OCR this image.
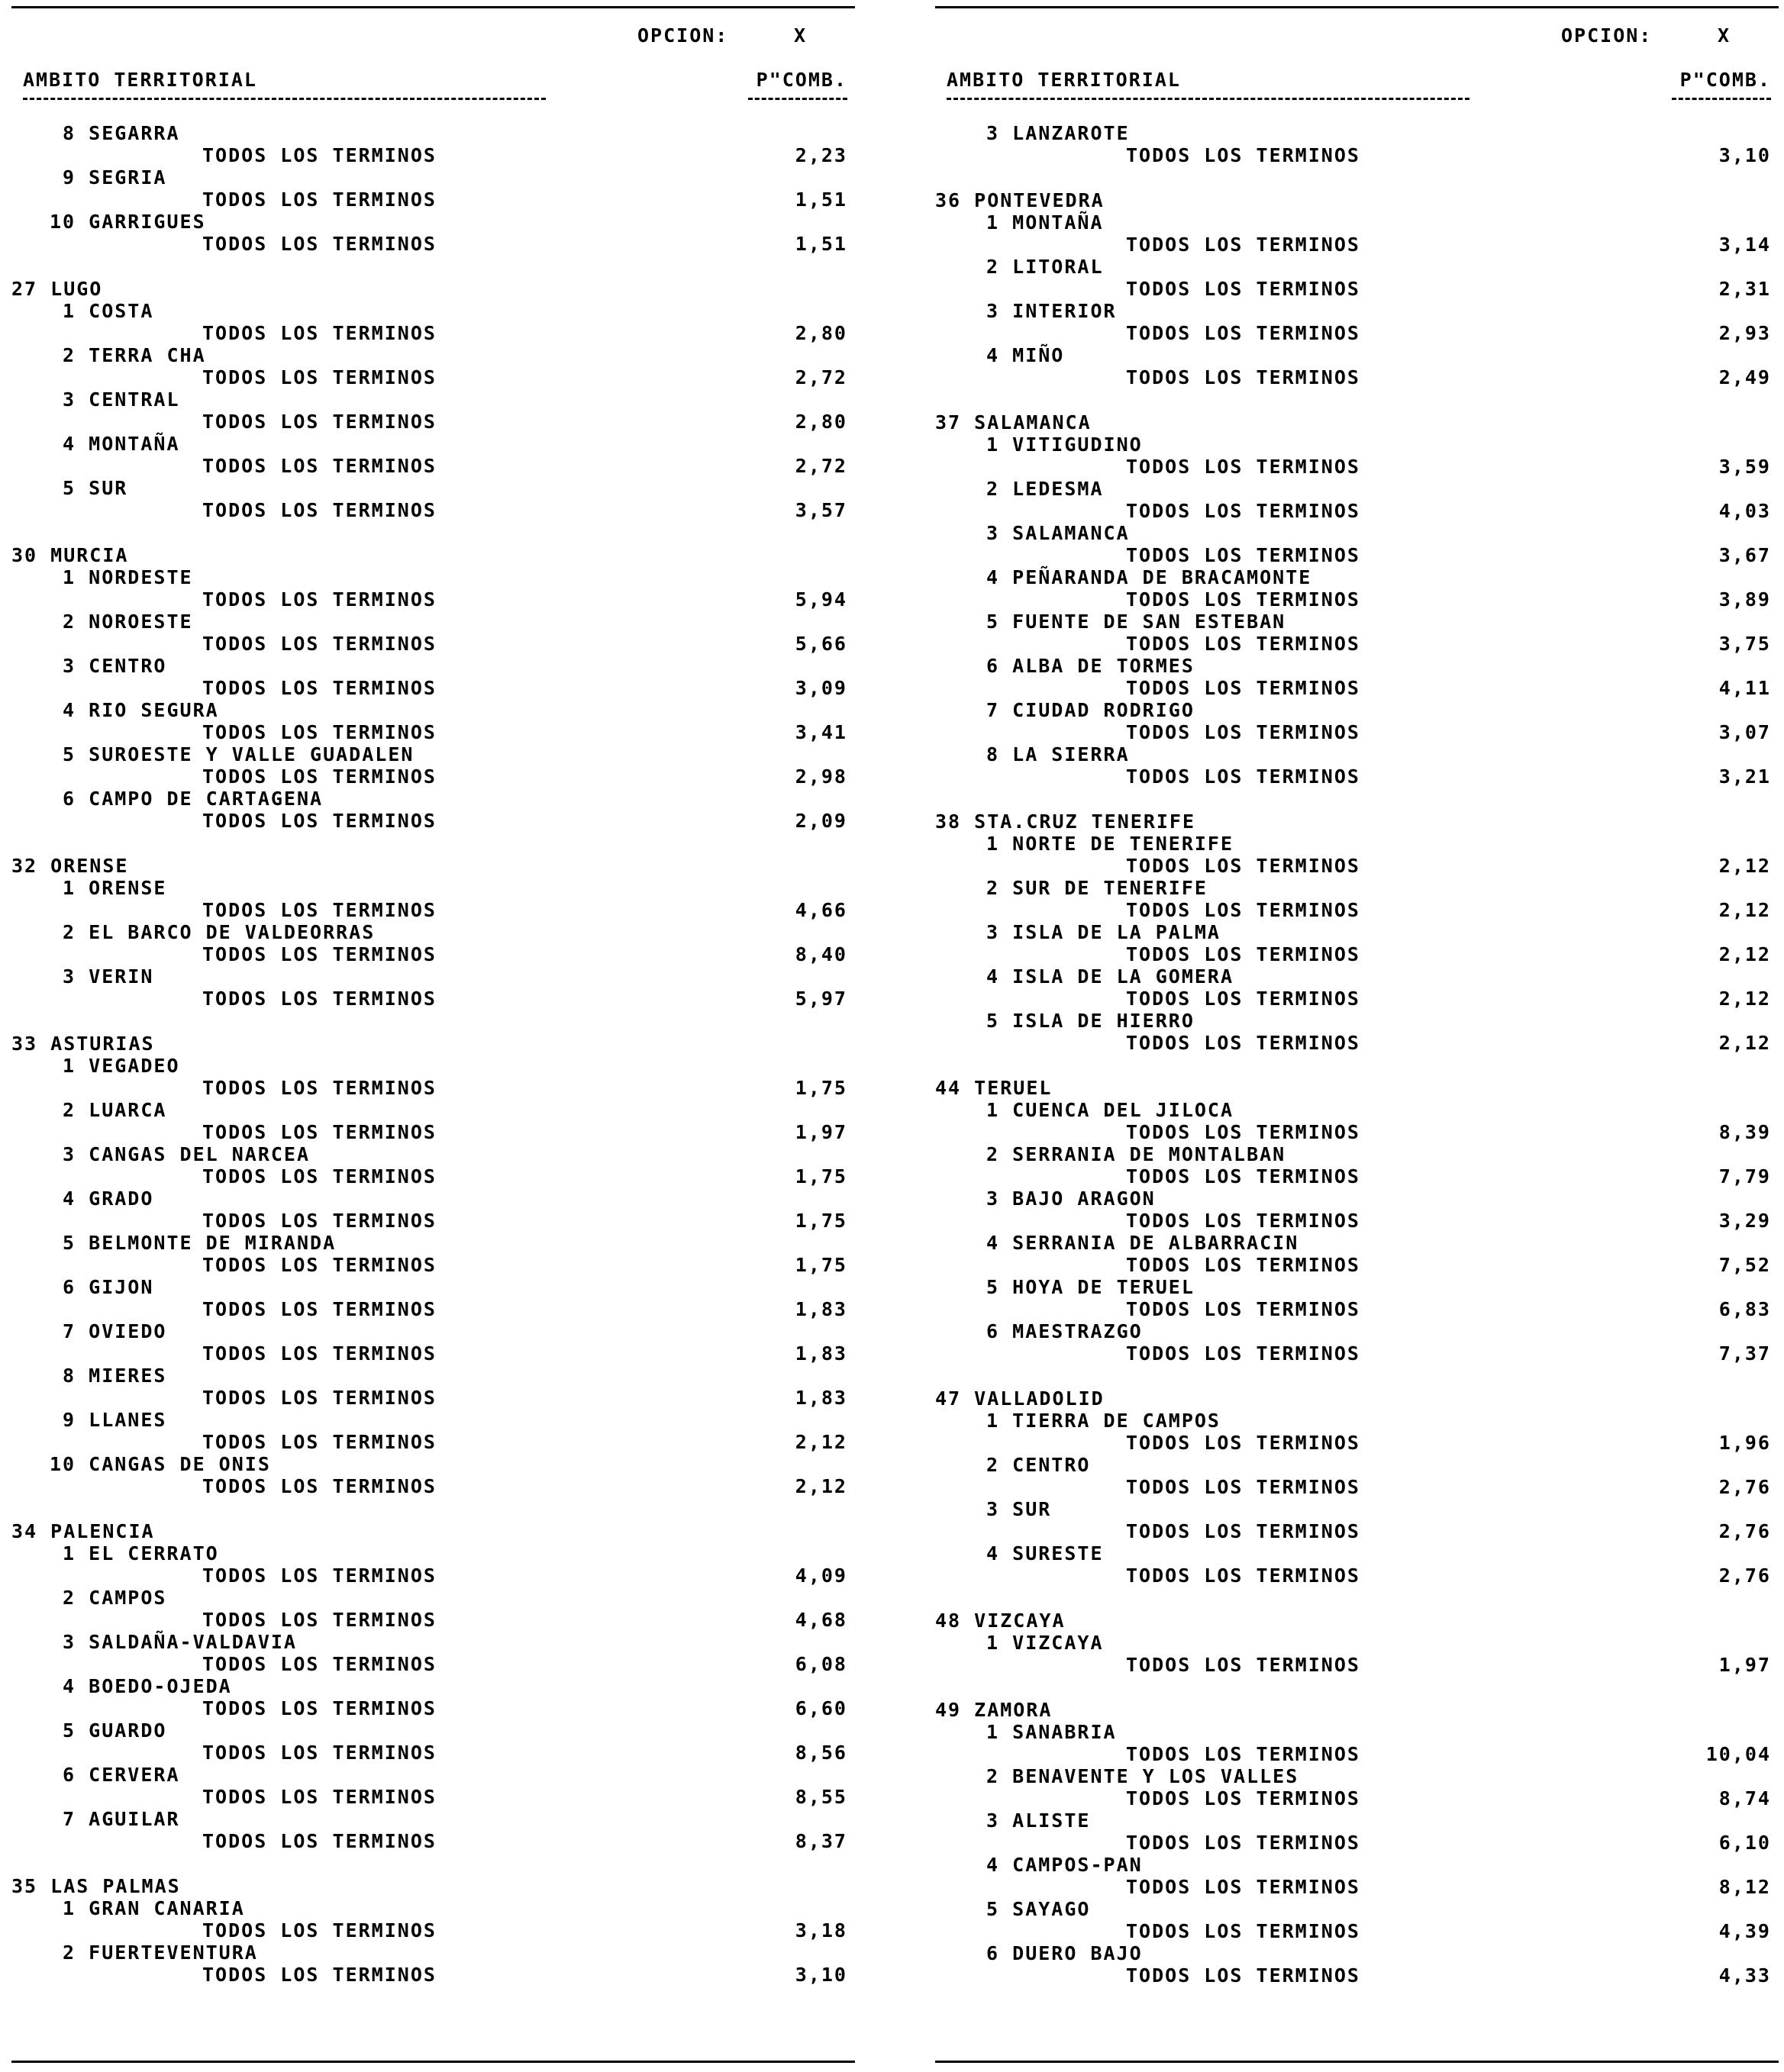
OPCION:	X
AMBITO TERRITORIAL	P"COMB.
8 SEGARRA
TODOS LOS TERMINOS	2,23
9 SEGRIA
TODOS LOS TERMINOS	1,51
10 GARRIGUES
TODOS LOS TERMINOS	1,51
27 LUGO
1 COSTA
TODOS LOS TERMINOS	2,80
2 TERRA CHA
TODOS LOS TERMINOS	2,72
3 CENTRAL
TODOS LOS TERMINOS	2,80
4 MONTAÑA
TODOS LOS TERMINOS	2,72
5 SUR
TODOS LOS TERMINOS	3,57
30 MURCIA
1 NORDESTE
TODOS LOS TERMINOS	5,94
2 NOROESTE
TODOS LOS TERMINOS	5,66
3 CENTRO
TODOS LOS TERMINOS	3,09
4 RIO SEGURA
TODOS LOS TERMINOS	3,41
5 SUROESTE Y VALLE GUADALEN
TODOS LOS TERMINOS	2,98
6 CAMPO DE CARTAGENA
TODOS LOS TERMINOS	2,09
32 ORENSE
1 ORENSE
TODOS LOS TERMINOS	4,66
2 EL BARCO DE VALDEORRAS
TODOS LOS TERMINOS	8,40
3 VERIN
TODOS LOS TERMINOS	5,97
33 ASTURIAS
1 VEGADEO
TODOS LOS TERMINOS	1,75
2 LUARCA
TODOS LOS TERMINOS	1,97
3 CANGAS DEL NARCEA
TODOS LOS TERMINOS	1,75
4 GRADO
TODOS LOS TERMINOS	1,75
5 BELMONTE DE MIRANDA
TODOS LOS TERMINOS	1,75
6 GIJON
TODOS LOS TERMINOS	1,83
7 OVIEDO
TODOS LOS TERMINOS	1,83
8 MIERES
TODOS LOS TERMINOS	1,83
9 LLANES
TODOS LOS TERMINOS	2,12
10 CANGAS DE ONIS
TODOS LOS TERMINOS	2,12
34 PALENCIA
1 EL CERRATO
TODOS LOS TERMINOS	4,09
2 CAMPOS
TODOS LOS TERMINOS	4,68
3 SALDAÑA-VALDAVIA
TODOS LOS TERMINOS	6,08
4 BOEDO-OJEDA
TODOS LOS TERMINOS	6,60
5 GUARDO
TODOS LOS TERMINOS	8,56
6 CERVERA
TODOS LOS TERMINOS	8,55
7 AGUILAR
TODOS LOS TERMINOS	8,37
35 LAS PALMAS
1 GRAN CANARIA
TODOS LOS TERMINOS	3,18
2 FUERTEVENTURA
TODOS LOS TERMINOS	3,10
OPCION:	X
AMBITO TERRITORIAL	P"COMB.
3 LANZAROTE
TODOS LOS TERMINOS	3,10
36 PONTEVEDRA
1 MONTAÑA
TODOS LOS TERMINOS	3,14
2 LITORAL
TODOS LOS TERMINOS	2,31
3 INTERIOR
TODOS LOS TERMINOS	2,93
4 MIÑO
TODOS LOS TERMINOS	2,49
37 SALAMANCA
1 VITIGUDINO
TODOS LOS TERMINOS	3,59
2 LEDESMA
TODOS LOS TERMINOS	4,03
3 SALAMANCA
TODOS LOS TERMINOS	3,67
4 PEÑARANDA DE BRACAMONTE
TODOS LOS TERMINOS	3,89
5 FUENTE DE SAN ESTEBAN
TODOS LOS TERMINOS	3,75
6 ALBA DE TORMES
TODOS LOS TERMINOS	4,11
7 CIUDAD RODRIGO
TODOS LOS TERMINOS	3,07
8 LA SIERRA
TODOS LOS TERMINOS	3,21
38 STA.CRUZ TENERIFE
1 NORTE DE TENERIFE
TODOS LOS TERMINOS	2,12
2 SUR DE TENERIFE
TODOS LOS TERMINOS	2,12
3 ISLA DE LA PALMA
TODOS LOS TERMINOS	2,12
4 ISLA DE LA GOMERA
TODOS LOS TERMINOS	2,12
5 ISLA DE HIERRO
TODOS LOS TERMINOS	2,12
44 TERUEL
1 CUENCA DEL JILOCA
TODOS LOS TERMINOS	8,39
2 SERRANIA DE MONTALBAN
TODOS LOS TERMINOS	7,79
3 BAJO ARAGON
TODOS LOS TERMINOS	3,29
4 SERRANIA DE ALBARRACIN
TODOS LOS TERMINOS	7,52
5 HOYA DE TERUEL
TODOS LOS TERMINOS	6,83
6 MAESTRAZGO
TODOS LOS TERMINOS	7,37
47 VALLADOLID
1 TIERRA DE CAMPOS
TODOS LOS TERMINOS	1,96
2 CENTRO
TODOS LOS TERMINOS	2,76
3 SUR
TODOS LOS TERMINOS	2,76
4 SURESTE
TODOS LOS TERMINOS	2,76
48 VIZCAYA
1 VIZCAYA
TODOS LOS TERMINOS	1,97
49 ZAMORA
1 SANABRIA
TODOS LOS TERMINOS	10,04
2 BENAVENTE Y LOS VALLES
TODOS LOS TERMINOS	8,74
3 ALISTE
TODOS LOS TERMINOS	6,10
4 CAMPOS-PAN
TODOS LOS TERMINOS	8,12
5 SAYAGO
TODOS LOS TERMINOS	4,39
6 DUERO BAJO
TODOS LOS TERMINOS	4,33
